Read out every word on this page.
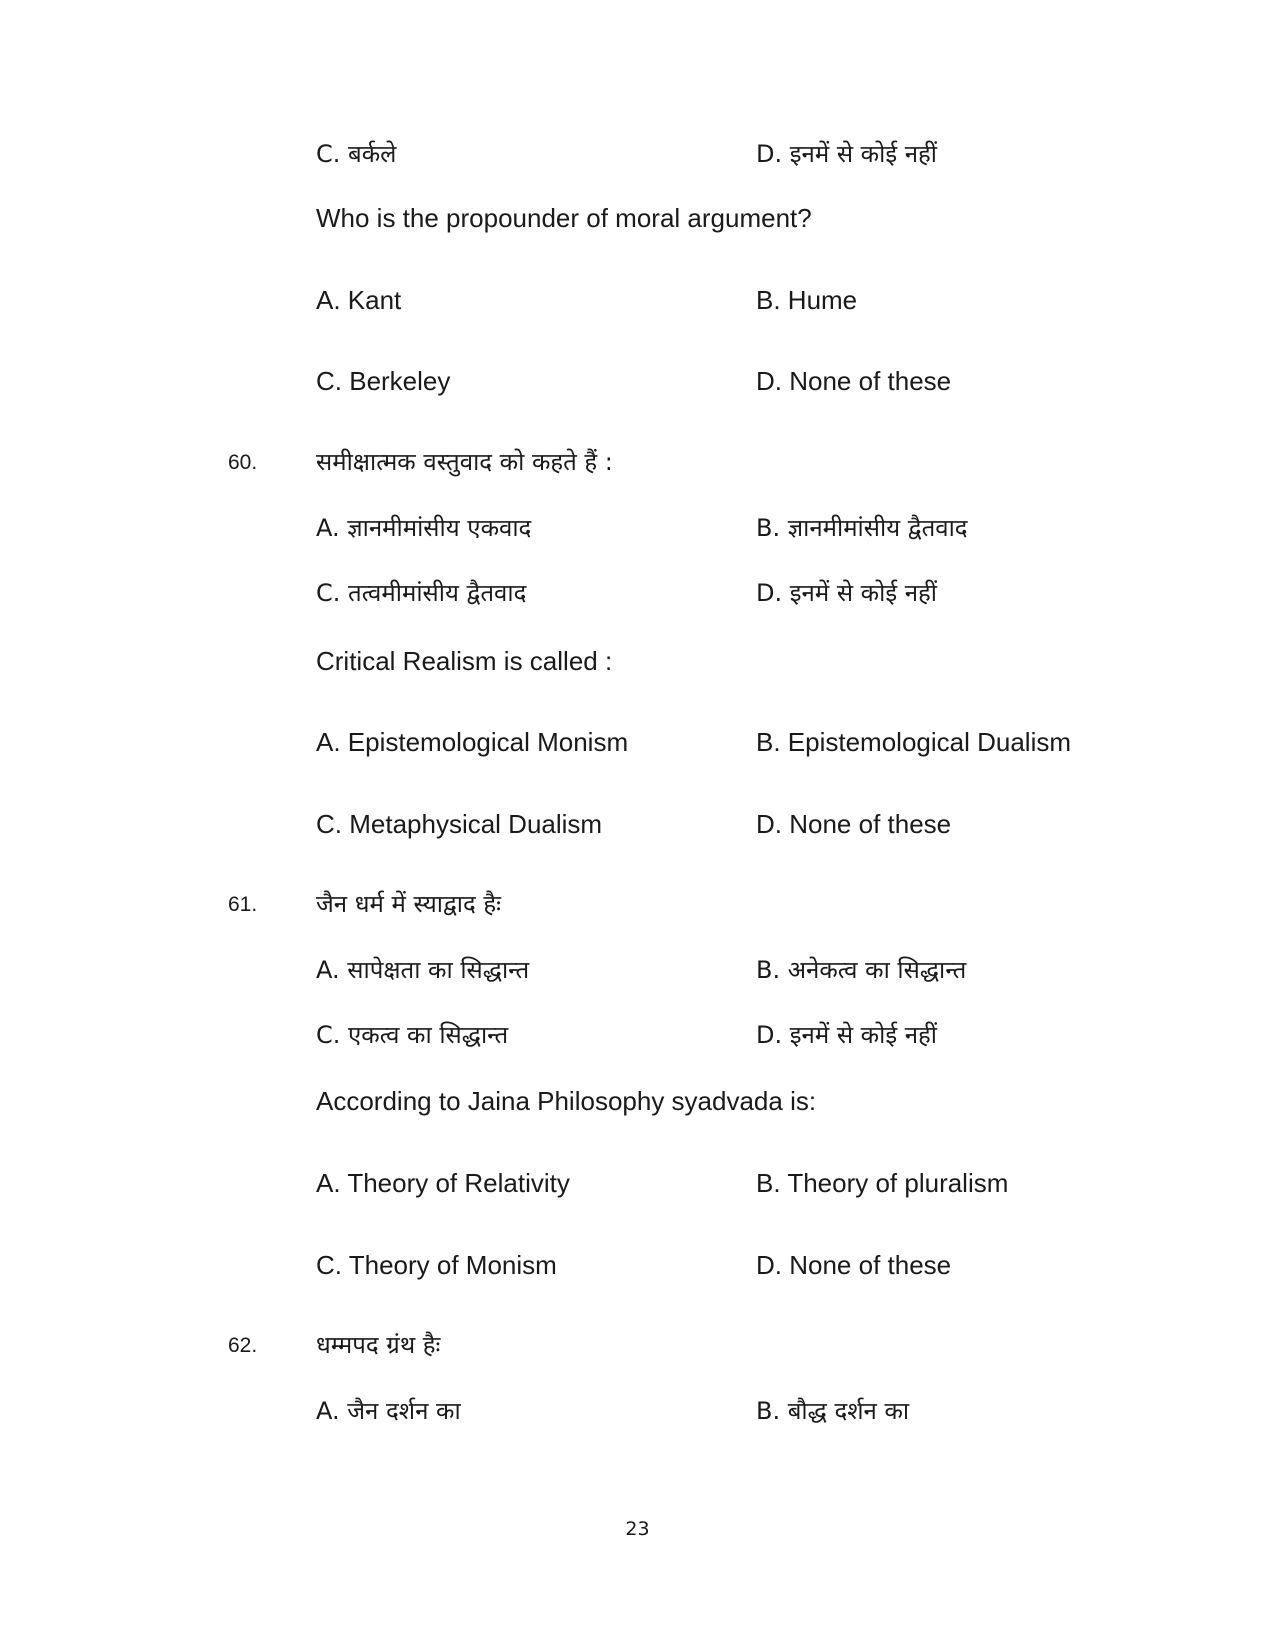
C. बर्कले	D. इनमें से कोई नहीं
Who is the propounder of moral argument?
A. Kant	B. Hume
C. Berkeley	D. None of these
60. समीक्षात्मक वस्तुवाद को कहते हैं :
A. ज्ञानमीमांसीय एकवाद	B. ज्ञानमीमांसीय द्वैतवाद
C. तत्वमीमांसीय द्वैतवाद	D. इनमें से कोई नहीं
Critical Realism is called :
A. Epistemological Monism	B. Epistemological Dualism
C. Metaphysical Dualism	D. None of these
61. जैन धर्म में स्याद्वाद हैः
A. सापेक्षता का सिद्धान्त	B. अनेकत्व का सिद्धान्त
C. एकत्व का सिद्धान्त	D. इनमें से कोई नहीं
According to Jaina Philosophy syadvada is:
A. Theory of Relativity	B. Theory of pluralism
C. Theory of Monism	D. None of these
62. धम्मपद ग्रंथ हैः
A. जैन दर्शन का	B. बौद्ध दर्शन का
23
